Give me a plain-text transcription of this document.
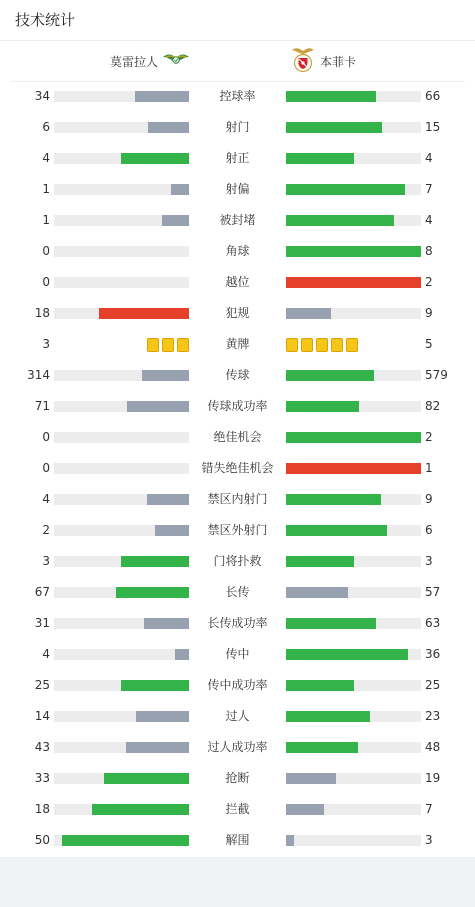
技术统计
莫雷拉人	本菲卡
34	控球率	66
6	射门	15
4	射正	4
1	射偏	7
1	被封堵	4
0	角球	8
0	越位	2
18	犯规	9
3	黄牌	5
314	传球	579
71	传球成功率	82
0	绝佳机会	2
0	错失绝佳机会	1
4	禁区内射门	9
2	禁区外射门	6
3	门将扑救	3
67	长传	57
31	长传成功率	63
4	传中	36
25	传中成功率	25
14	过人	23
43	过人成功率	48
33	抢断	19
18	拦截	7
50	解围	3
